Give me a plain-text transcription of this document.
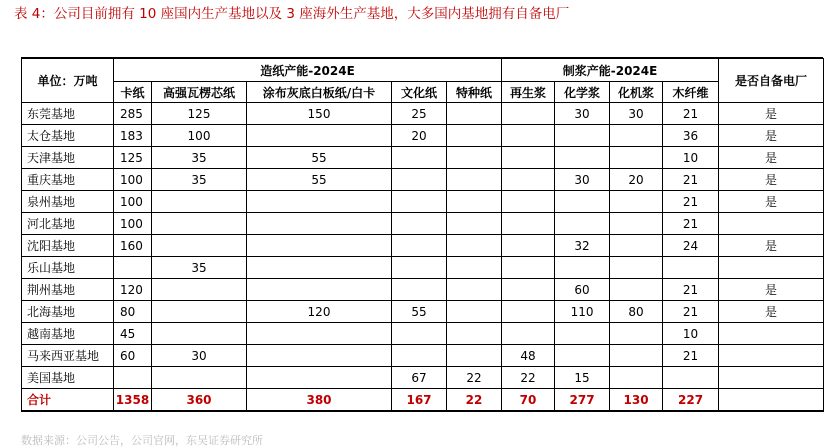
表 4：公司目前拥有 10 座国内生产基地以及 3 座海外生产基地，大多国内基地拥有自备电厂
单位：万吨	造纸产能-2024E					制浆产能-2024E				是否自备电厂
	卡纸	高强瓦楞芯纸	涂布灰底白板纸/白卡	文化纸	特种纸	再生浆	化学浆	化机浆	木纤维	
东莞基地	285	125	150	25			30	30	21	是
太仓基地	183	100		20					36	是
天津基地	125	35	55						10	是
重庆基地	100	35	55				30	20	21	是
泉州基地	100								21	是
河北基地	100								21	
沈阳基地	160						32		24	是
乐山基地		35								
荆州基地	120						60		21	是
北海基地	80		120	55			110	80	21	是
越南基地	45								10	
马来西亚基地	60	30				48			21	
美国基地				67	22	22	15			
合计	1358	360	380	167	22	70	277	130	227	
数据来源：公司公告，公司官网，东吴证券研究所
